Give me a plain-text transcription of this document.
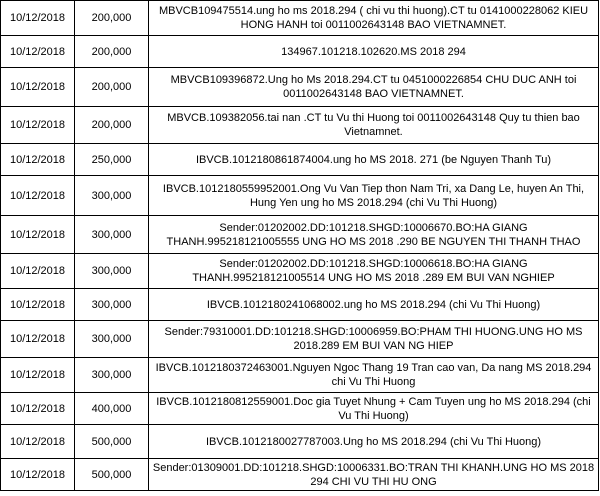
10/12/2018	200,000	MBVCB109475514.ung ho ms 2018.294 ( chi vu thi huong).CT tu 0141000228062 KIEU HONG HANH toi 0011002643148 BAO VIETNAMNET.
10/12/2018	200,000	134967.101218.102620.MS 2018 294
10/12/2018	200,000	MBVCB109396872.Ung ho Ms 2018.294.CT tu 0451000226854 CHU DUC ANH toi 0011002643148 BAO VIETNAMNET.
10/12/2018	200,000	MBVCB.109382056.tai nan .CT tu Vu thi Huong toi 0011002643148 Quy tu thien bao Vietnamnet.
10/12/2018	250,000	IBVCB.1012180861874004.ung ho MS 2018. 271 (be Nguyen Thanh Tu)
10/12/2018	300,000	IBVCB.1012180559952001.Ong Vu Van Tiep thon Nam Tri, xa Dang Le, huyen An Thi, Hung Yen ung ho MS 2018.294 (chi Vu Thi Huong)
10/12/2018	300,000	Sender:01202002.DD:101218.SHGD:10006670.BO:HA GIANG THANH.995218121005555 UNG HO MS 2018 .290 BE NGUYEN THI THANH THAO
10/12/2018	300,000	Sender:01202002.DD:101218.SHGD:10006618.BO:HA GIANG THANH.995218121005514 UNG HO MS 2018 .289 EM BUI VAN NGHIEP
10/12/2018	300,000	IBVCB.1012180241068002.ung ho MS 2018.294 (chi Vu Thi Huong)
10/12/2018	300,000	Sender:79310001.DD:101218.SHGD:10006959.BO:PHAM THI HUONG.UNG HO MS 2018.289 EM BUI VAN NG HIEP
10/12/2018	300,000	IBVCB.1012180372463001.Nguyen Ngoc Thang 19 Tran cao van, Da nang MS 2018.294 chi Vu Thi Huong
10/12/2018	400,000	IBVCB.1012180812559001.Doc gia Tuyet Nhung + Cam Tuyen ung ho MS 2018.294 (chi Vu Thi Huong)
10/12/2018	500,000	IBVCB.1012180027787003.Ung ho MS 2018.294 (chi Vu Thi Huong)
10/12/2018	500,000	Sender:01309001.DD:101218.SHGD:10006331.BO:TRAN THI KHANH.UNG HO MS 2018 294 CHI VU THI HU ONG
